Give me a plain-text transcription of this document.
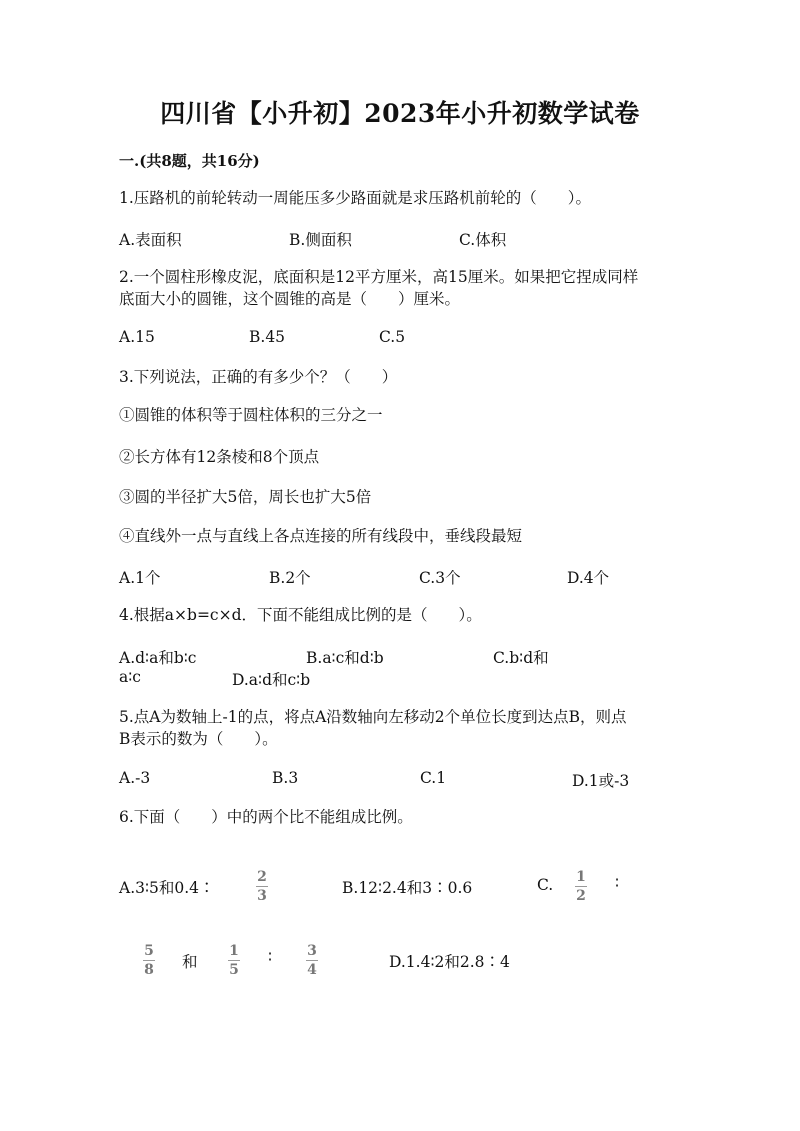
四川省【小升初】2023年小升初数学试卷
一.(共8题，共16分)
1.压路机的前轮转动一周能压多少路面就是求压路机前轮的（　　）。
A.表面积	B.侧面积	C.体积
2.一个圆柱形橡皮泥，底面积是12平方厘米，高15厘米。如果把它捏成同样
底面大小的圆锥，这个圆锥的高是（　　）厘米。
A.15	B.45	C.5
3.下列说法，正确的有多少个？（　　）
①圆锥的体积等于圆柱体积的三分之一
②长方体有12条棱和8个顶点
③圆的半径扩大5倍，周长也扩大5倍
④直线外一点与直线上各点连接的所有线段中，垂线段最短
A.1个	B.2个	C.3个	D.4个
4.根据a×b=c×d．下面不能组成比例的是（　　）。
A.d∶a和b∶c	B.a∶c和d∶b	C.b∶d和
a∶c	D.a∶d和c∶b
5.点A为数轴上-1的点，将点A沿数轴向左移动2个单位长度到达点B，则点
B表示的数为（　　）。
A.-3	B.3	C.1	D.1或-3
6.下面（　　）中的两个比不能组成比例。
A.3∶5和0.4∶
2
3	B.12∶2.4和3∶0.6	C. 1
2
∶
5
8 和
1
5
∶	3
4	D.1.4∶2和2.8∶4
